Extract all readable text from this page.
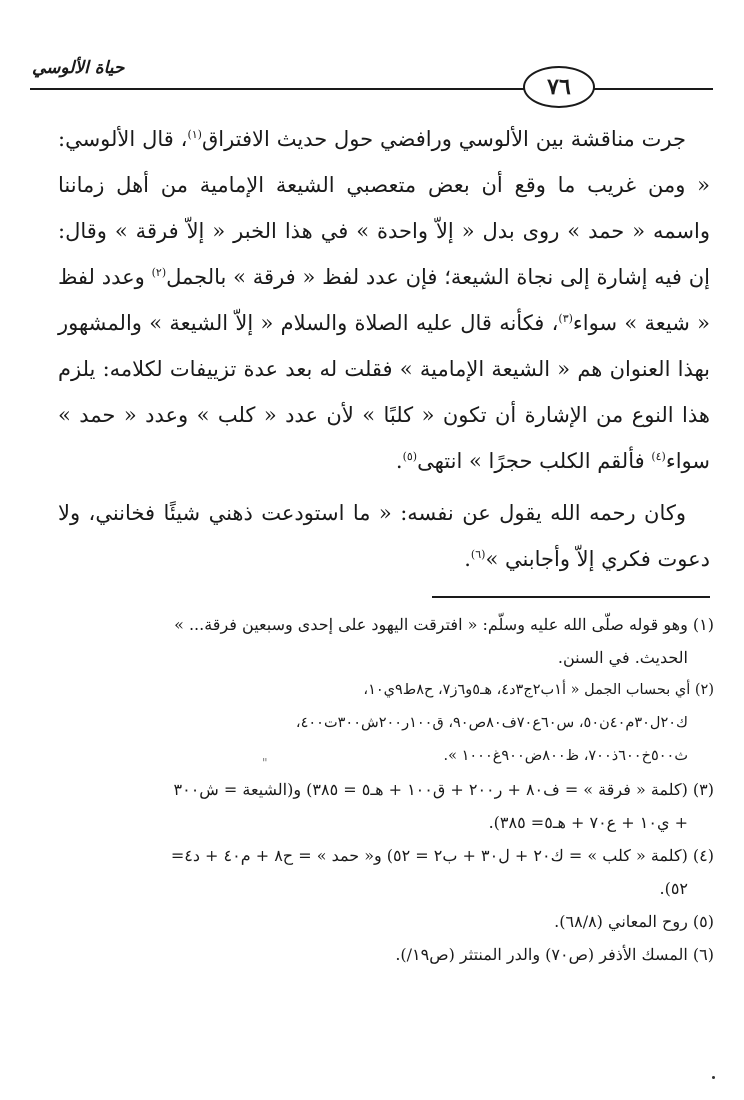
حياة الألوسي
٧٦

جرت مناقشة بين الألوسي ورافضي حول حديث الافتراق$^{(١)}$، قال الألوسي: « ومن غريب ما وقع أن بعض متعصبي الشيعة الإمامية من أهل زماننا واسمه « حمد » روى بدل « إلاّ واحدة » في هذا الخبر « إلاّ فرقة » وقال: إن فيه إشارة إلى نجاة الشيعة؛ فإن عدد لفظ « فرقة » بالجمل$^{(٢)}$ وعدد لفظ « شيعة » سواء$^{(٣)}$، فكأنه قال عليه الصلاة والسلام « إلاّ الشيعة » والمشهور بهذا العنوان هم « الشيعة الإمامية » فقلت له بعد عدة تزييفات لكلامه: يلزم هذا النوع من الإشارة أن تكون « كلبًا » لأن عدد « كلب » وعدد « حمد » سواء$^{(٤)}$ فألقم الكلب حجرًا » انتهى$^{(٥)}$.

وكان رحمه الله يقول عن نفسه: « ما استودعت ذهني شيئًا فخانني، ولا دعوت فكري إلاّ وأجابني »$^{(٦)}$.

(١) وهو قوله صلّى الله عليه وسلّم: « افترقت اليهود على إحدى وسبعين فرقة... »

الحديث. في السنن.

(٢) أي بحساب الجمل « أ١ب٢ج٣د٤، هـ٥و٦ز٧، ح٨ط٩ي١٠،

ك٢٠ل٣٠م٤٠ن٥٠، س٦٠ع٧٠ف٨٠ص٩٠، ق١٠٠ر٢٠٠ش٣٠٠ت٤٠٠،

ث٥٠٠خ٦٠٠ذ٧٠٠، ظ٨٠٠ض٩٠٠غ١٠٠٠ ».

(٣) (كلمة « فرقة » = ف٨٠ + ر٢٠٠ + ق١٠٠ + هـ٥ = ٣٨٥) و(الشيعة = ش٣٠٠

+ ي١٠ + ع٧٠ + هـ٥= ٣٨٥).

(٤) (كلمة « كلب » = ك٢٠ + ل٣٠ + ب٢ = ٥٢) و« حمد » = ح٨ + م٤٠ + د٤=

٥٢).

(٥) روح المعاني (٦٨/٨).

(٦) المسك الأذفر (ص٧٠) والدر المنتثر (ص١٩/).

"
